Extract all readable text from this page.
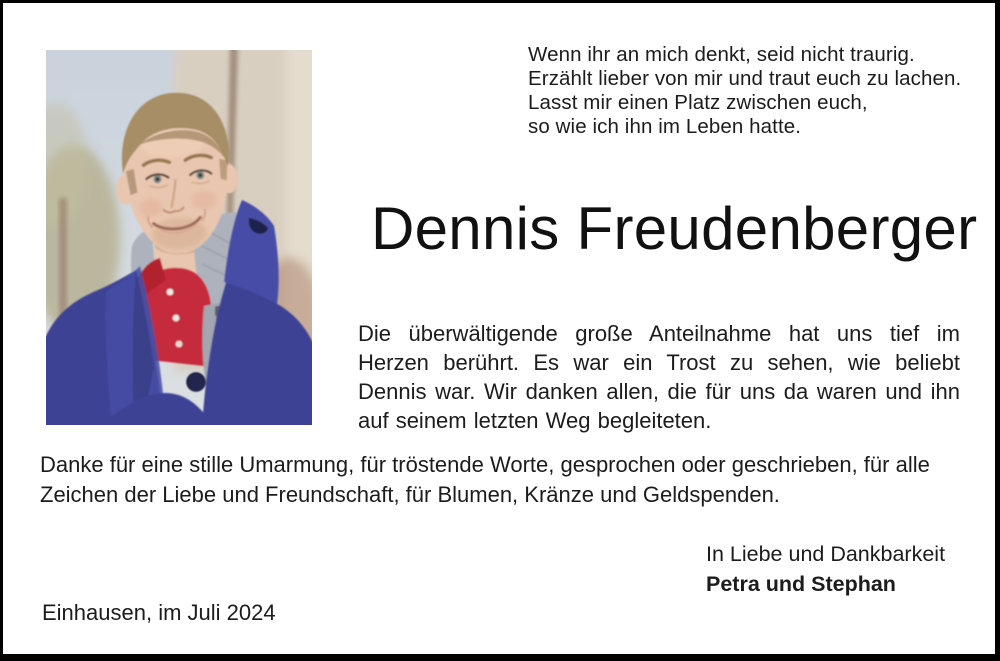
Wenn ihr an mich denkt, seid nicht traurig.
Erzählt lieber von mir und traut euch zu lachen.
Lasst mir einen Platz zwischen euch,
so wie ich ihn im Leben hatte.
Dennis Freudenberger
Die überwältigende große Anteilnahme hat uns tief im Herzen berührt. Es war ein Trost zu sehen, wie beliebt Dennis war. Wir danken allen, die für uns da waren und ihn auf seinem letzten Weg begleiteten.
Danke für eine stille Umarmung, für tröstende Worte, gesprochen oder geschrieben, für alle Zeichen der Liebe und Freundschaft, für Blumen, Kränze und Geldspenden.
In Liebe und Dankbarkeit
Petra und Stephan
Einhausen, im Juli 2024
